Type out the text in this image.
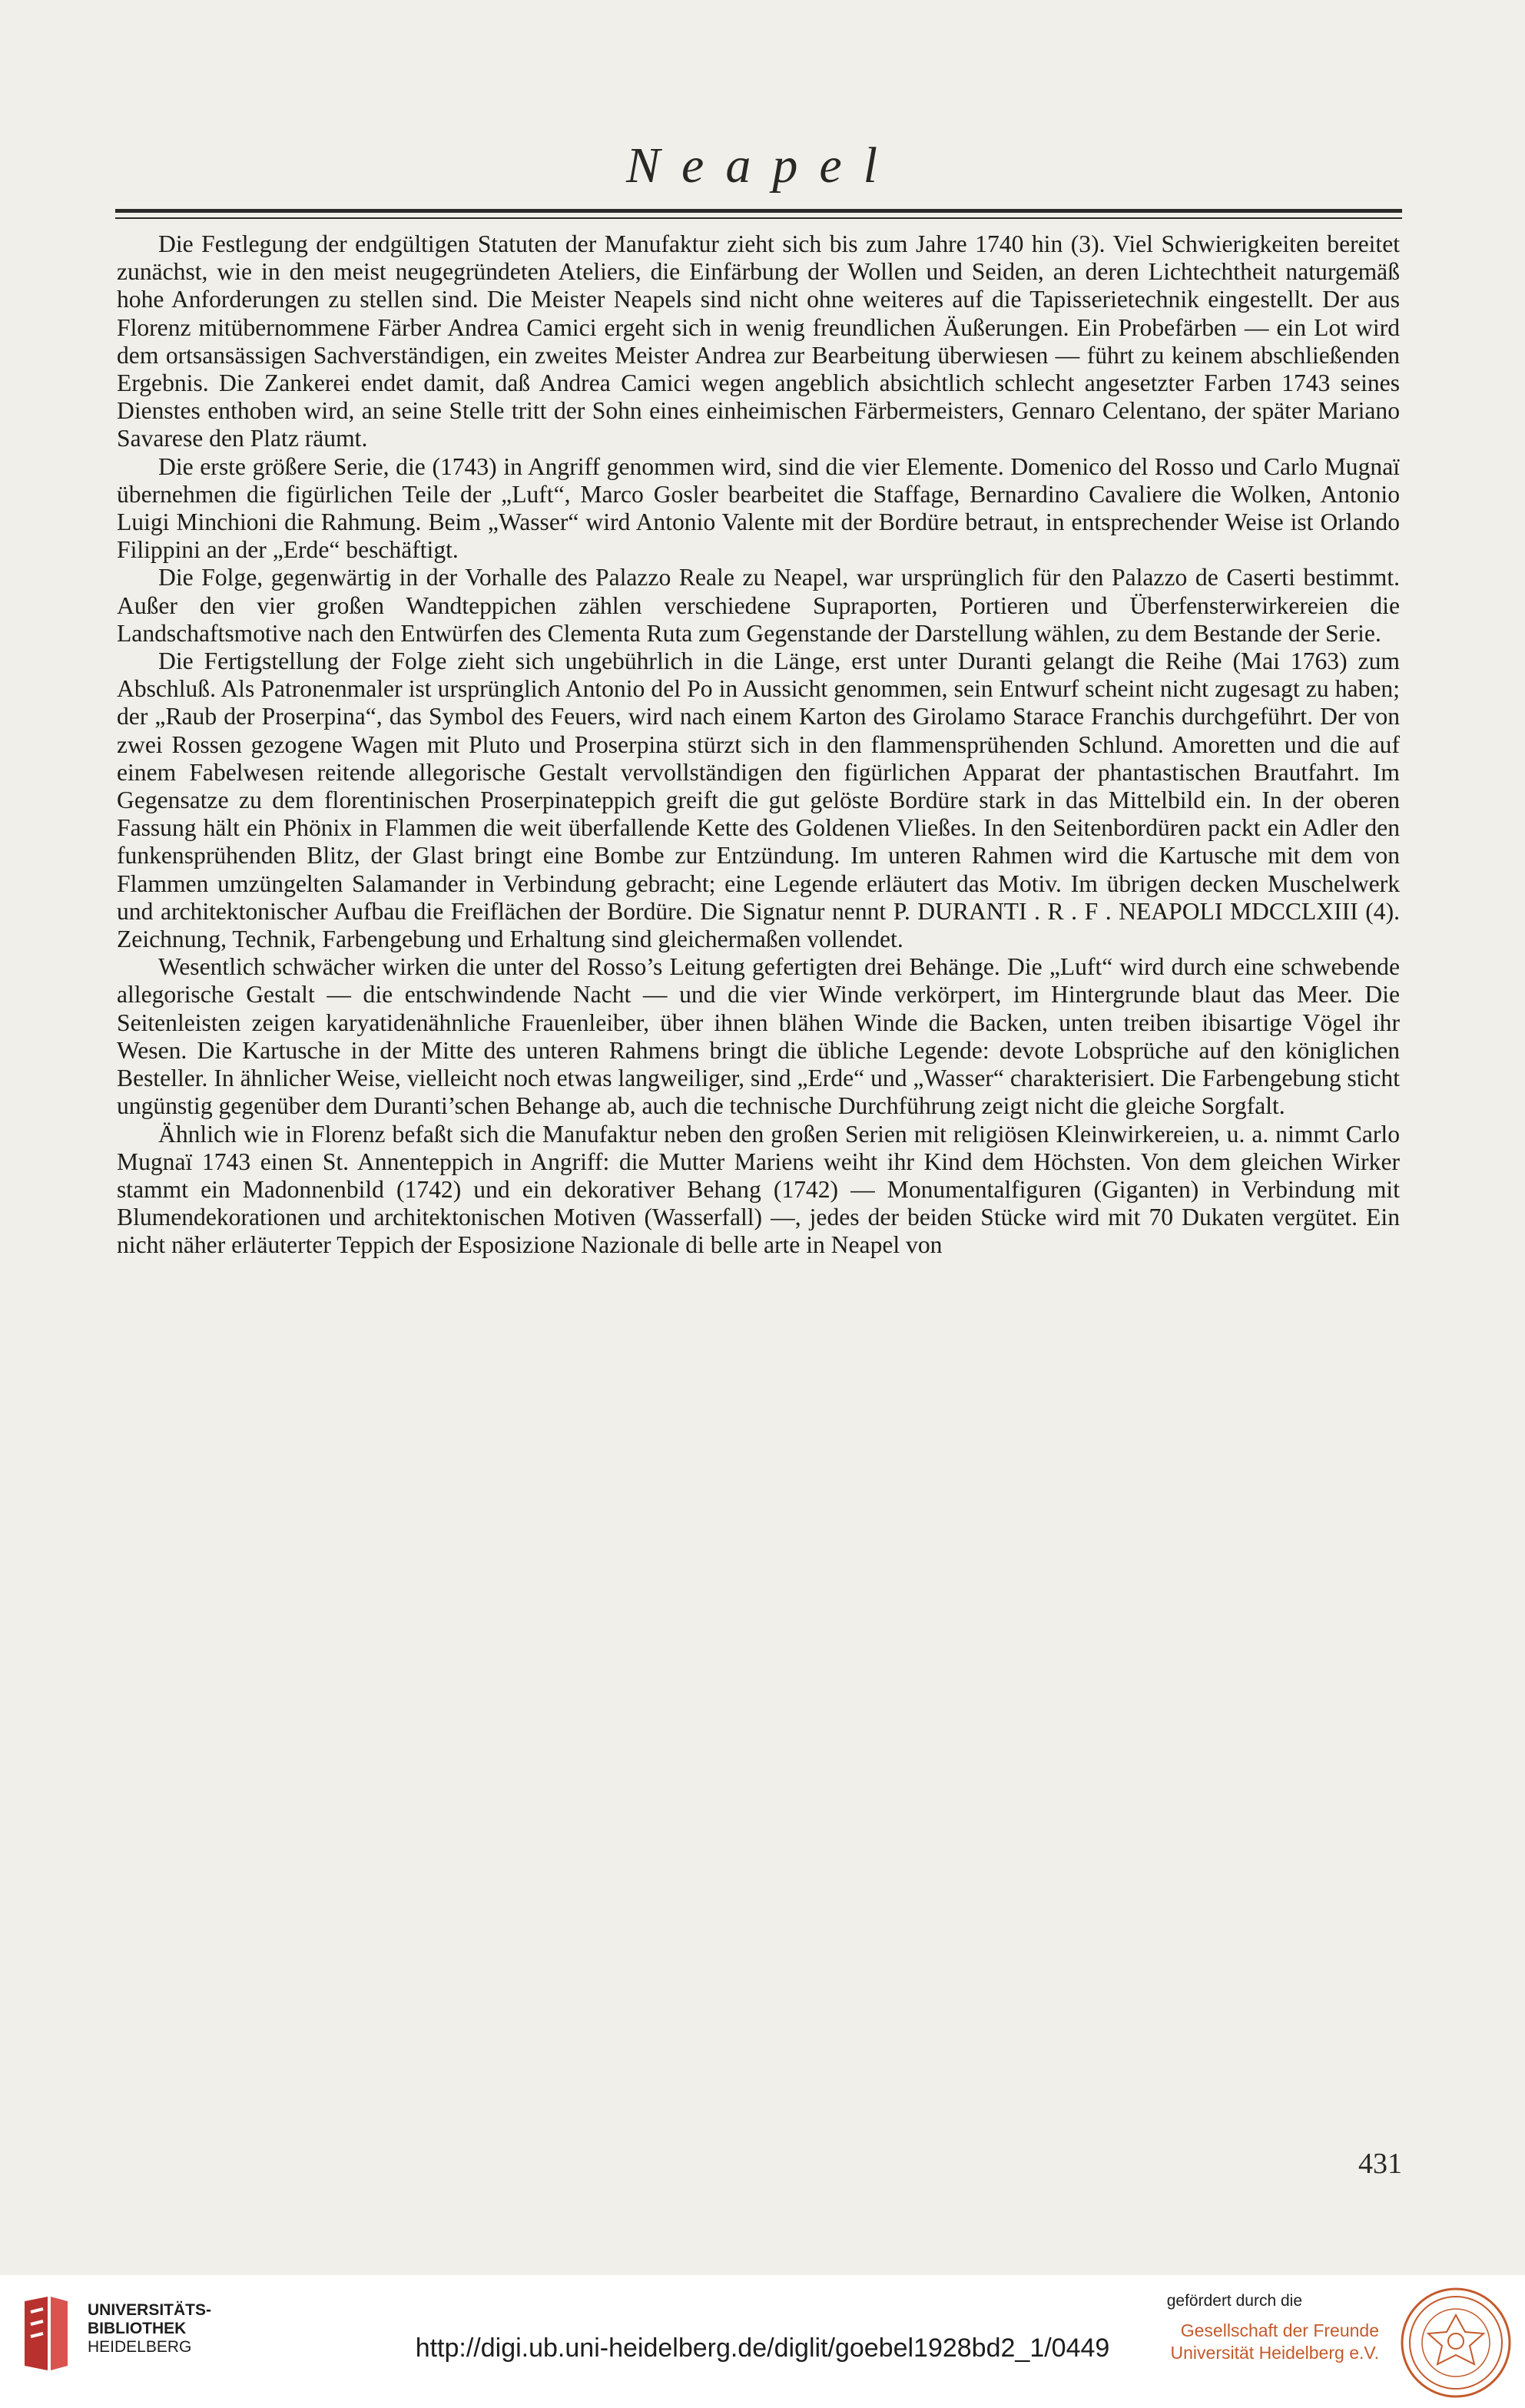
Neapel

Die Festlegung der endgültigen Statuten der Manufaktur zieht sich bis zum Jahre 1740 hin (3). Viel Schwierigkeiten bereitet zunächst, wie in den meist neugegründeten Ateliers, die Einfärbung der Wollen und Seiden, an deren Lichtechtheit naturgemäß hohe Anforderungen zu stellen sind. Die Meister Neapels sind nicht ohne weiteres auf die Tapisserietechnik eingestellt. Der aus Florenz mitübernommene Färber Andrea Camici ergeht sich in wenig freundlichen Äußerungen. Ein Probefärben — ein Lot wird dem ortsansässigen Sachverständigen, ein zweites Meister Andrea zur Bearbeitung überwiesen — führt zu keinem abschließenden Ergebnis. Die Zankerei endet damit, daß Andrea Camici wegen angeblich absichtlich schlecht angesetzter Farben 1743 seines Dienstes enthoben wird, an seine Stelle tritt der Sohn eines einheimischen Färbermeisters, Gennaro Celentano, der später Mariano Savarese den Platz räumt.

Die erste größere Serie, die (1743) in Angriff genommen wird, sind die vier Elemente. Domenico del Rosso und Carlo Mugnaï übernehmen die figürlichen Teile der „Luft“, Marco Gosler bearbeitet die Staffage, Bernardino Cavaliere die Wolken, Antonio Luigi Minchioni die Rahmung. Beim „Wasser“ wird Antonio Valente mit der Bordüre betraut, in entsprechender Weise ist Orlando Filippini an der „Erde“ beschäftigt.

Die Folge, gegenwärtig in der Vorhalle des Palazzo Reale zu Neapel, war ursprünglich für den Palazzo de Caserti bestimmt. Außer den vier großen Wandteppichen zählen verschiedene Supraporten, Portieren und Überfensterwirkereien die Landschaftsmotive nach den Entwürfen des Clementa Ruta zum Gegenstande der Darstellung wählen, zu dem Bestande der Serie.

Die Fertigstellung der Folge zieht sich ungebührlich in die Länge, erst unter Duranti gelangt die Reihe (Mai 1763) zum Abschluß. Als Patronenmaler ist ursprünglich Antonio del Po in Aussicht genommen, sein Entwurf scheint nicht zugesagt zu haben; der „Raub der Proserpina“, das Symbol des Feuers, wird nach einem Karton des Girolamo Starace Franchis durchgeführt. Der von zwei Rossen gezogene Wagen mit Pluto und Proserpina stürzt sich in den flammensprühenden Schlund. Amoretten und die auf einem Fabelwesen reitende allegorische Gestalt vervollständigen den figürlichen Apparat der phantastischen Brautfahrt. Im Gegensatze zu dem florentinischen Proserpinateppich greift die gut gelöste Bordüre stark in das Mittelbild ein. In der oberen Fassung hält ein Phönix in Flammen die weit überfallende Kette des Goldenen Vließes. In den Seitenbordüren packt ein Adler den funkensprühenden Blitz, der Glast bringt eine Bombe zur Entzündung. Im unteren Rahmen wird die Kartusche mit dem von Flammen umzüngelten Salamander in Verbindung gebracht; eine Legende erläutert das Motiv. Im übrigen decken Muschelwerk und architektonischer Aufbau die Freiflächen der Bordüre. Die Signatur nennt P. DURANTI . R . F . NEAPOLI MDCCLXIII (4). Zeichnung, Technik, Farbengebung und Erhaltung sind gleichermaßen vollendet.

Wesentlich schwächer wirken die unter del Rosso’s Leitung gefertigten drei Behänge. Die „Luft“ wird durch eine schwebende allegorische Gestalt — die entschwindende Nacht — und die vier Winde verkörpert, im Hintergrunde blaut das Meer. Die Seitenleisten zeigen karyatidenähnliche Frauenleiber, über ihnen blähen Winde die Backen, unten treiben ibisartige Vögel ihr Wesen. Die Kartusche in der Mitte des unteren Rahmens bringt die übliche Legende: devote Lobsprüche auf den königlichen Besteller. In ähnlicher Weise, vielleicht noch etwas langweiliger, sind „Erde“ und „Wasser“ charakterisiert. Die Farbengebung sticht ungünstig gegenüber dem Duranti’schen Behange ab, auch die technische Durchführung zeigt nicht die gleiche Sorgfalt.

Ähnlich wie in Florenz befaßt sich die Manufaktur neben den großen Serien mit religiösen Kleinwirkereien, u. a. nimmt Carlo Mugnaï 1743 einen St. Annenteppich in Angriff: die Mutter Mariens weiht ihr Kind dem Höchsten. Von dem gleichen Wirker stammt ein Madonnenbild (1742) und ein dekorativer Behang (1742) — Monumentalfiguren (Giganten) in Verbindung mit Blumendekorationen und architektonischen Motiven (Wasserfall) —, jedes der beiden Stücke wird mit 70 Dukaten vergütet. Ein nicht näher erläuterter Teppich der Esposizione Nazionale di belle arte in Neapel von

431
UNIVERSITÄTS-
BIBLIOTHEK
HEIDELBERG	http://digi.ub.uni-heidelberg.de/diglit/goebel1928bd2_1/0449
gefördert durch die
Gesellschaft der Freunde
Universität Heidelberg e.V.
